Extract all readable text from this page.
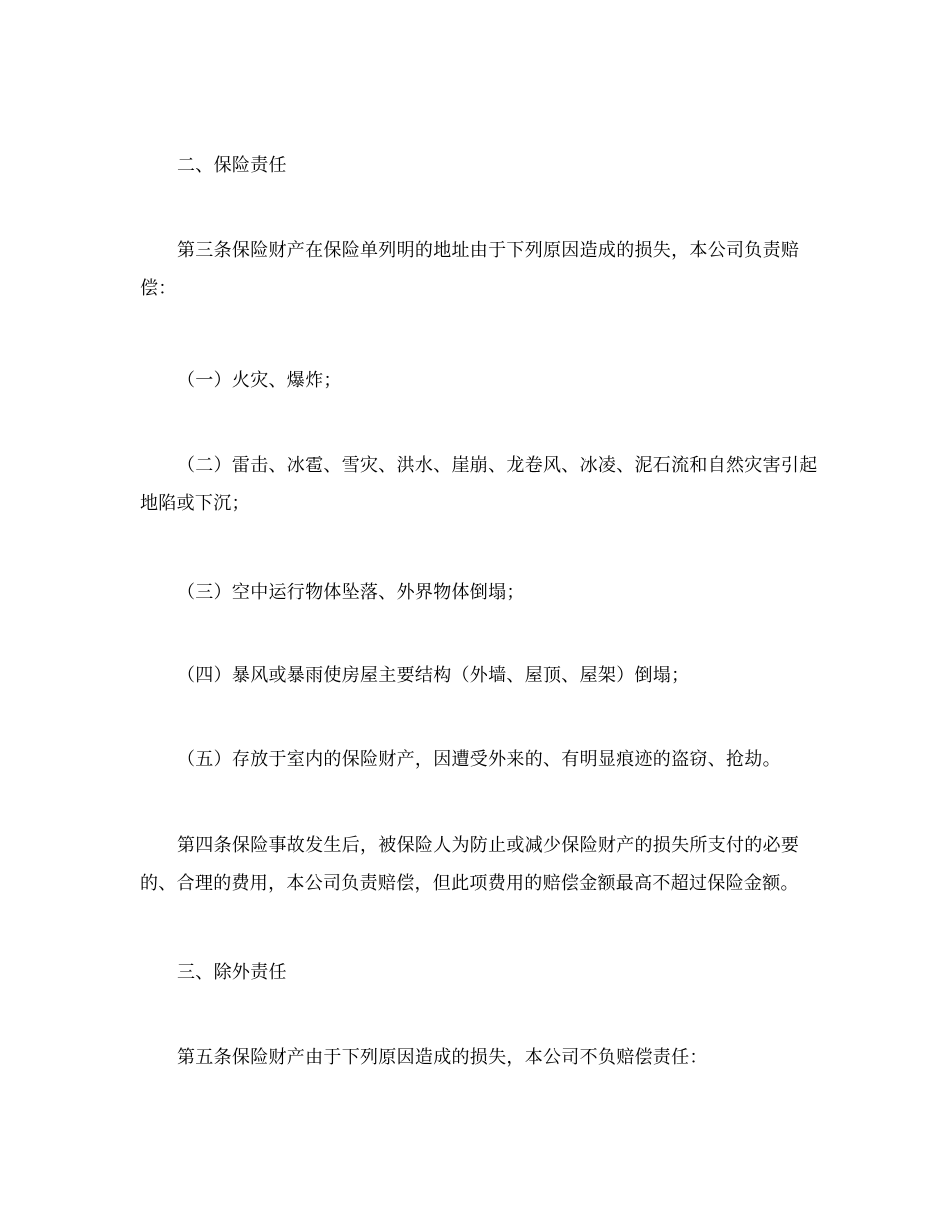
二、保险责任

第三条保险财产在保险单列明的地址由于下列原因造成的损失，本公司负责赔偿：

（一）火灾、爆炸；

（二）雷击、冰雹、雪灾、洪水、崖崩、龙卷风、冰凌、泥石流和自然灾害引起地陷或下沉；

（三）空中运行物体坠落、外界物体倒塌；

（四）暴风或暴雨使房屋主要结构（外墙、屋顶、屋架）倒塌；

（五）存放于室内的保险财产，因遭受外来的、有明显痕迹的盗窃、抢劫。

第四条保险事故发生后，被保险人为防止或减少保险财产的损失所支付的必要的、合理的费用，本公司负责赔偿，但此项费用的赔偿金额最高不超过保险金额。

三、除外责任

第五条保险财产由于下列原因造成的损失，本公司不负赔偿责任：
